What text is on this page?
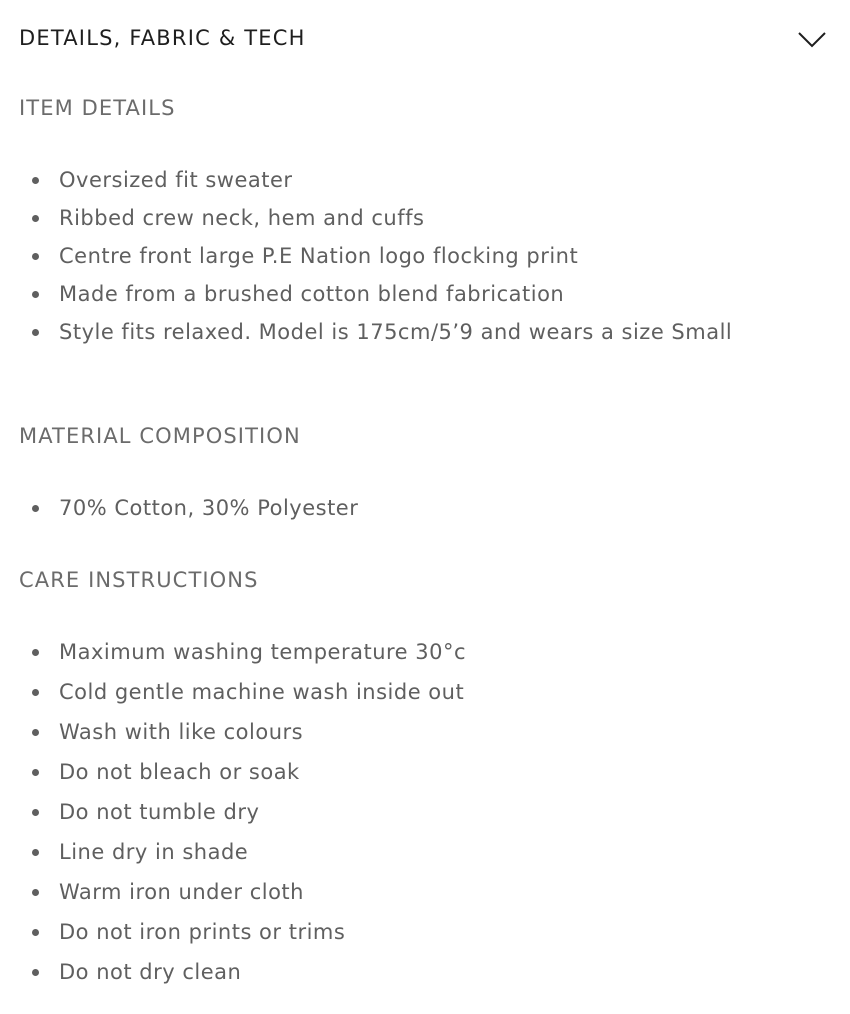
DETAILS, FABRIC & TECH
ITEM DETAILS
Oversized fit sweater
Ribbed crew neck, hem and cuffs
Centre front large P.E Nation logo flocking print
Made from a brushed cotton blend fabrication
Style fits relaxed. Model is 175cm/5’9 and wears a size Small
MATERIAL COMPOSITION
70% Cotton, 30% Polyester
CARE INSTRUCTIONS
Maximum washing temperature 30°c
Cold gentle machine wash inside out
Wash with like colours
Do not bleach or soak
Do not tumble dry
Line dry in shade
Warm iron under cloth
Do not iron prints or trims
Do not dry clean
